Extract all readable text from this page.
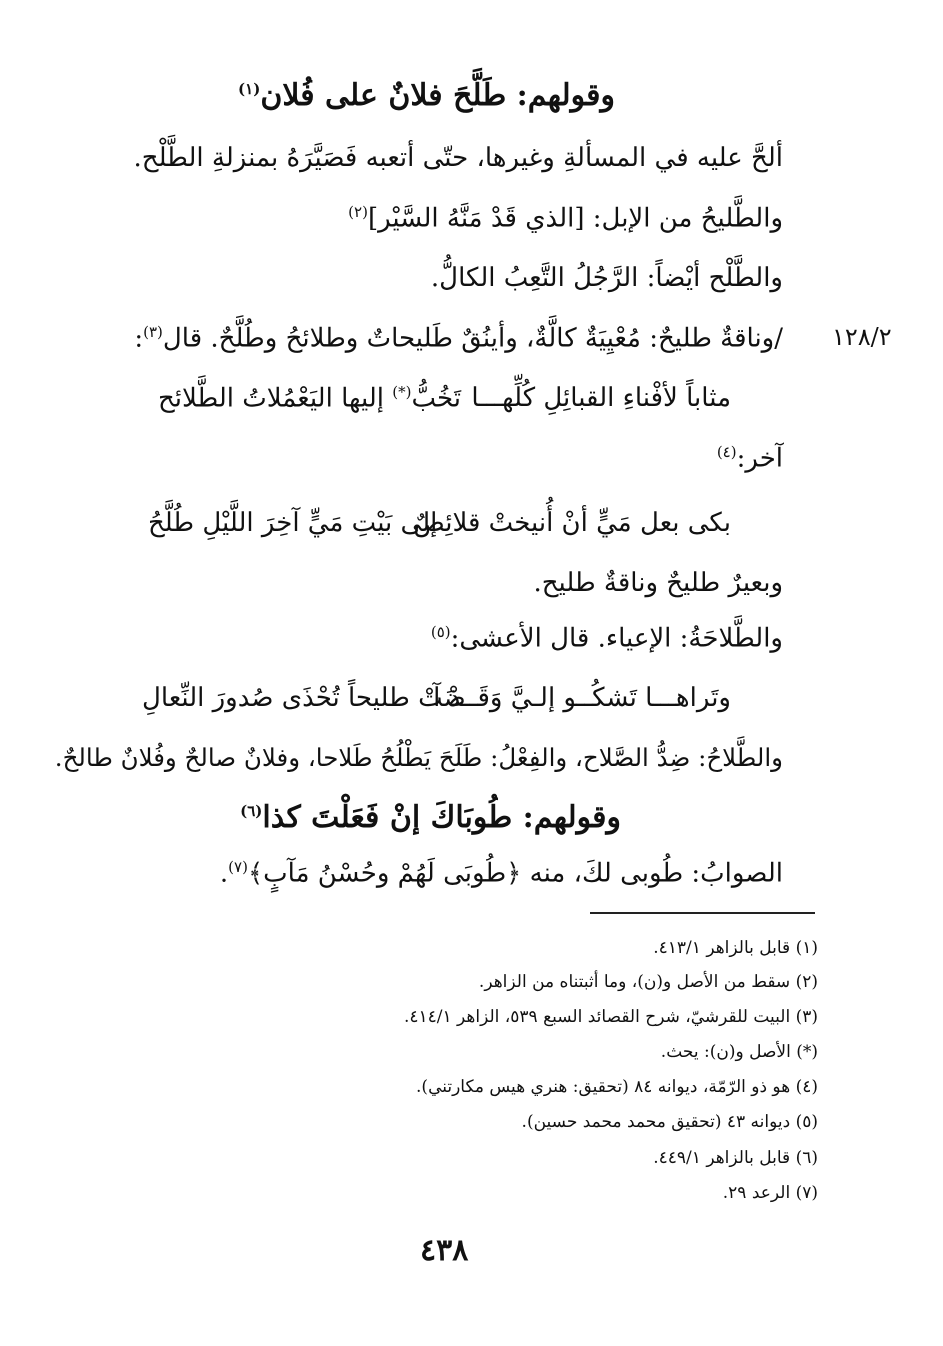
وقولهم: طَلَّحَ فلانٌ على فُلان$^{(١)}$
ألحَّ عليه في المسألةِ وغيرها، حتّى أتعبه فَصَيَّرَهُ بمنزلةِ الطَّلْح.
والطَّليحُ من الإبل: [الذي قَدْ مَنَّهُ السَّيْر]$^{(٢)}$
والطَّلْح أيْضاً: الرَّجُلُ التَّعِبُ الكالُّ.
١٢٨/٢
/وناقةٌ طليحٌ: مُعْيِيَةٌ كالَّةٌ، وأينُقٌ طَليحاتٌ وطلائحُ وطُلَّحٌ. قال$^{(٣)}$:
مثاباً لأفْناءِ القبائِلِ كُلِّهـــا
تَخُبُّ(*) إليها اليَعْمُلاتُ الطَّلائح
آخر:$^{(٤)}$
بكى بعل مَيٍّ أنْ أُنيختْ قلائِصٌ
إلى بَيْتِ مَيٍّ آخِرَ اللَّيْلِ طُلَّحُ
وبعيرٌ طليحٌ وناقةٌ طليح.
والطَّلاحَةُ: الإعياء. قال الأعشى:$^{(٥)}$
وتَراهـــا تَشكُــو إلـيَّ وَقَــدْ آ
ضَتْ طليحاً تُحْذَى صُدورَ النِّعالِ
والطَّلاحُ: ضِدُّ الصَّلاح، والفِعْلُ: طَلَحَ يَطْلُحُ طَلاحا، وفلانٌ صالحٌ وفُلانٌ طالحٌ.
وقولهم: طُوبَاكَ إنْ فَعَلْتَ كذا$^{(٦)}$
الصوابُ: طُوبى لكَ، منه ﴿طُوبَى لَهُمْ وحُسْنُ مَآبٍ﴾$^{(٧)}$.
(١) قابل بالزاهر ٤١٣/١.
(٢) سقط من الأصل و(ن)، وما أثبتناه من الزاهر.
(٣) البيت للقرشيّ، شرح القصائد السبع ٥٣٩، الزاهر ٤١٤/١.
(*) الأصل و(ن): يحث.
(٤) هو ذو الرّمّة، ديوانه ٨٤ (تحقيق: هنري هيس مكارتني).
(٥) ديوانه ٤٣ (تحقيق محمد محمد حسين).
(٦) قابل بالزاهر ٤٤٩/١.
(٧) الرعد ٢٩.
٤٣٨
